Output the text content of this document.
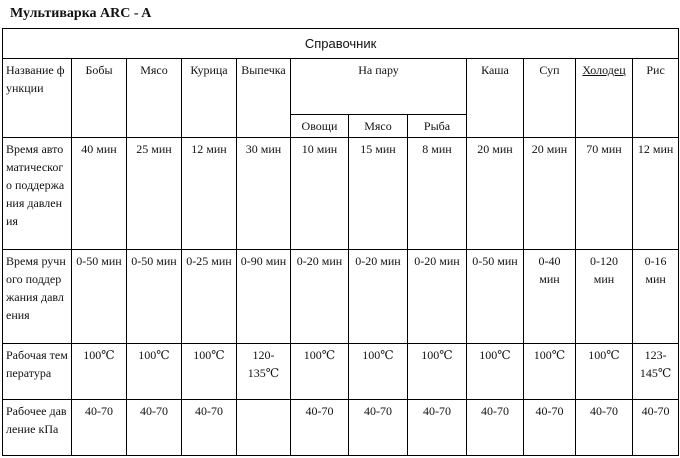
Мультиварка ARC - A
Справочник											
Название функции	Бобы	Мясо	Курица	Выпечка	На пару			Каша	Суп	Холодец	Рис
					Овощи	Мясо	Рыба				
Время автоматического поддержания давления	40 мин	25 мин	12 мин	30 мин	10 мин	15 мин	8 мин	20 мин	20 мин	70 мин	12 мин
Время ручного поддержания давления	0-50 мин	0-50 мин	0-25 мин	0-90 мин	0-20 мин	0-20 мин	0-20 мин	0-50 мин	0-40 мин	0-120 мин	0-16 мин
Рабочая температура	100℃	100℃	100℃	120-135℃	100℃	100℃	100℃	100℃	100℃	100℃	123-145℃
Рабочее давление кПа	40-70	40-70	40-70		40-70	40-70	40-70	40-70	40-70	40-70	40-70
